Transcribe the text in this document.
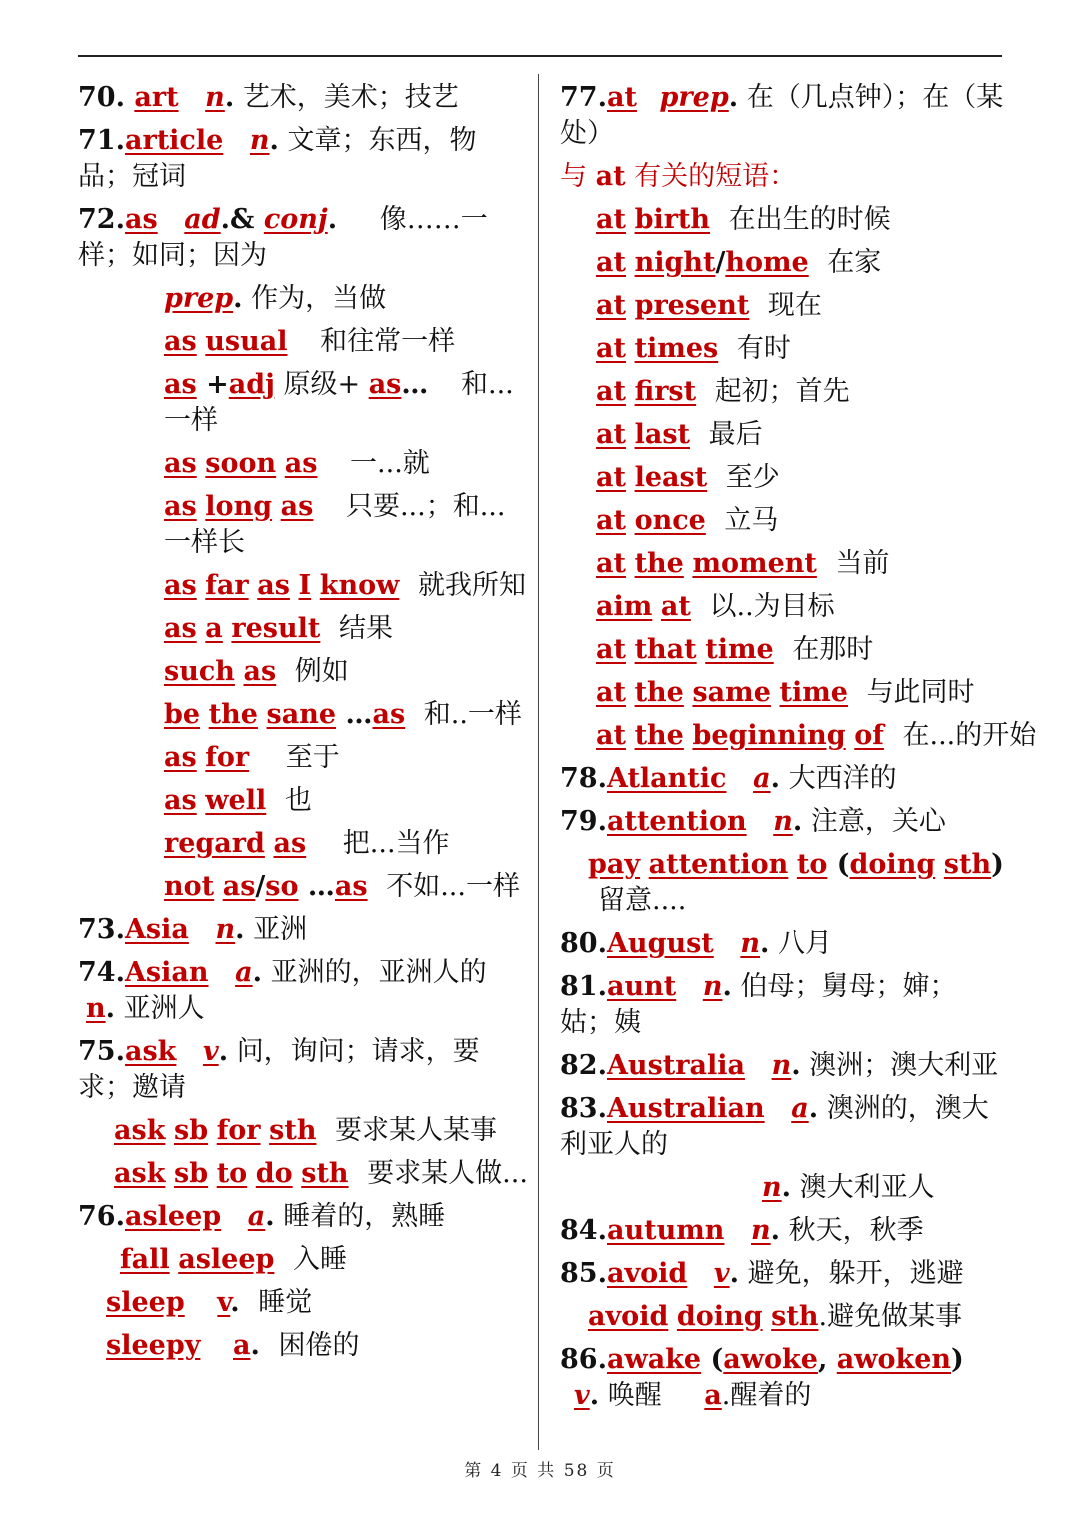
70. art n. 艺术，美术；技艺
71.article n. 文章；东西，物品；冠词
72.as ad.& conj. 像……一样；如同；因为
prep. 作为，当做
as usual 和往常一样
as +adj 原级+ as… 和...一样
as soon as 一...就
as long as 只要...；和...一样长
as far as I know 就我所知
as a result 结果
such as 例如
be the sane …as 和..一样
as for 至于
as well 也
regard as 把...当作
not as/so …as 不如...一样
73.Asia n. 亚洲
74.Asian a. 亚洲的，亚洲人的 n. 亚洲人
75.ask v. 问，询问；请求，要求；邀请
ask sb for sth 要求某人某事
ask sb to do sth 要求某人做...
76.asleep a. 睡着的，熟睡
fall asleep 入睡
sleep v. 睡觉
sleepy a. 困倦的
77.at prep. 在（几点钟）；在（某处）
与 at 有关的短语：
at birth 在出生的时候
at night/home 在家
at present 现在
at times 有时
at first 起初；首先
at last 最后
at least 至少
at once 立马
at the moment 当前
aim at 以..为目标
at that time 在那时
at the same time 与此同时
at the beginning of 在...的开始
78.Atlantic a. 大西洋的
79.attention n. 注意，关心
pay attention to (doing sth) 留意....
80.August n. 八月
81.aunt n. 伯母；舅母；婶；姑；姨
82.Australia n. 澳洲；澳大利亚
83.Australian a. 澳洲的，澳大利亚人的
n. 澳大利亚人
84.autumn n. 秋天，秋季
85.avoid v. 避免，躲开，逃避
avoid doing sth.避免做某事
86.awake (awoke, awoken) v. 唤醒 a.醒着的
第 4 页 共 58 页
